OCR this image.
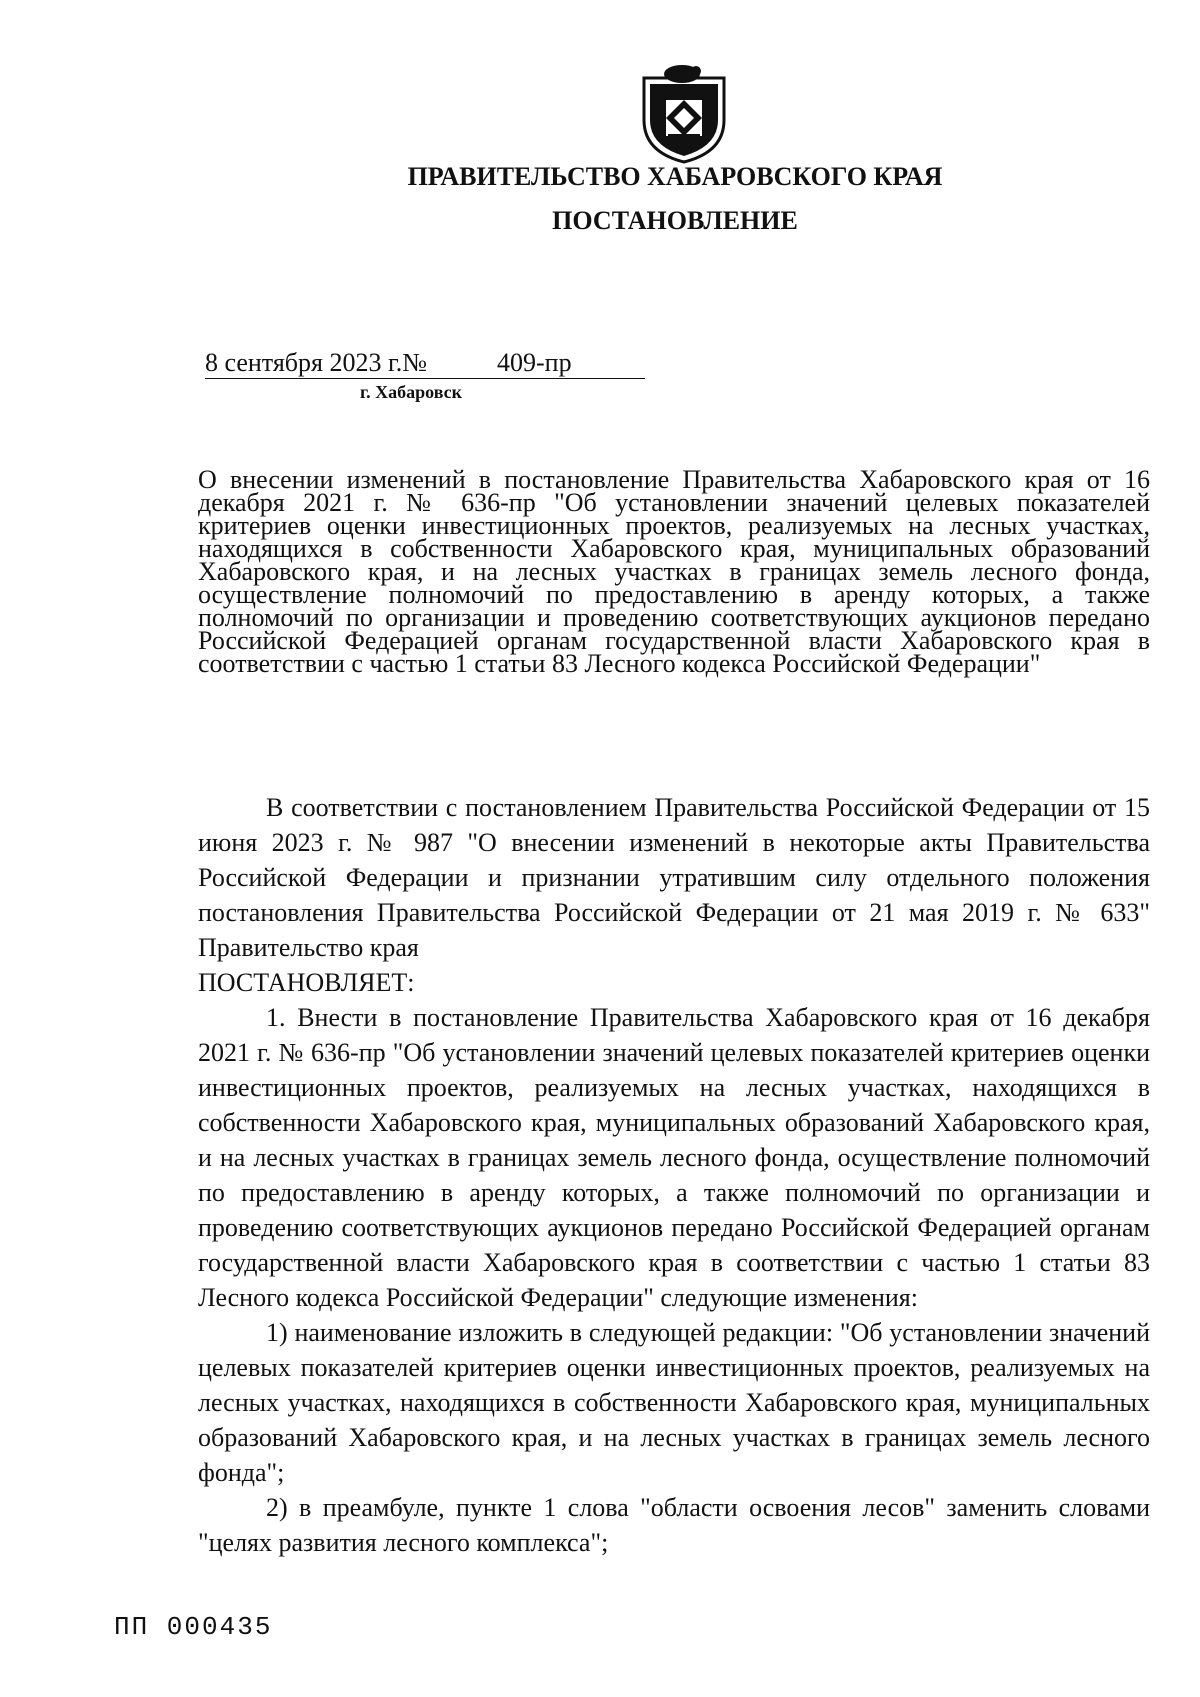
ПРАВИТЕЛЬСТВО ХАБАРОВСКОГО КРАЯ
ПОСТАНОВЛЕНИЕ
8 сентября 2023 г.№	409-пр
г. Хабаровск
О внесении изменений в постановление Правительства Хабаровского края от 16 декабря 2021 г. № 636-пр "Об установлении значений целевых показателей критериев оценки инвестиционных проектов, реализуемых на лесных участках, находящихся в собственности Хабаровского края, муниципальных образований Хабаровского края, и на лесных участках в границах земель лесного фонда, осуществление полномочий по предоставлению в аренду которых, а также полномочий по организации и проведению соответствующих аукционов передано Российской Федерацией органам государственной власти Хабаровского края в соответствии с частью 1 статьи 83 Лесного кодекса Российской Федерации"

В соответствии с постановлением Правительства Российской Федерации от 15 июня 2023 г. № 987 "О внесении изменений в некоторые акты Правительства Российской Федерации и признании утратившим силу отдельного положения постановления Правительства Российской Федерации от 21 мая 2019 г. № 633" Правительство края

ПОСТАНОВЛЯЕТ:

1. Внести в постановление Правительства Хабаровского края от 16 декабря 2021 г. № 636-пр "Об установлении значений целевых показателей критериев оценки инвестиционных проектов, реализуемых на лесных участках, находящихся в собственности Хабаровского края, муниципальных образований Хабаровского края, и на лесных участках в границах земель лесного фонда, осуществление полномочий по предоставлению в аренду которых, а также полномочий по организации и проведению соответствующих аукционов передано Российской Федерацией органам государственной власти Хабаровского края в соответствии с частью 1 статьи 83 Лесного кодекса Российской Федерации" следующие изменения:

1) наименование изложить в следующей редакции: "Об установлении значений целевых показателей критериев оценки инвестиционных проектов, реализуемых на лесных участках, находящихся в собственности Хабаровского края, муниципальных образований Хабаровского края, и на лесных участках в границах земель лесного фонда";

2) в преамбуле, пункте 1 слова "области освоения лесов" заменить словами "целях развития лесного комплекса";

ПП 000435
